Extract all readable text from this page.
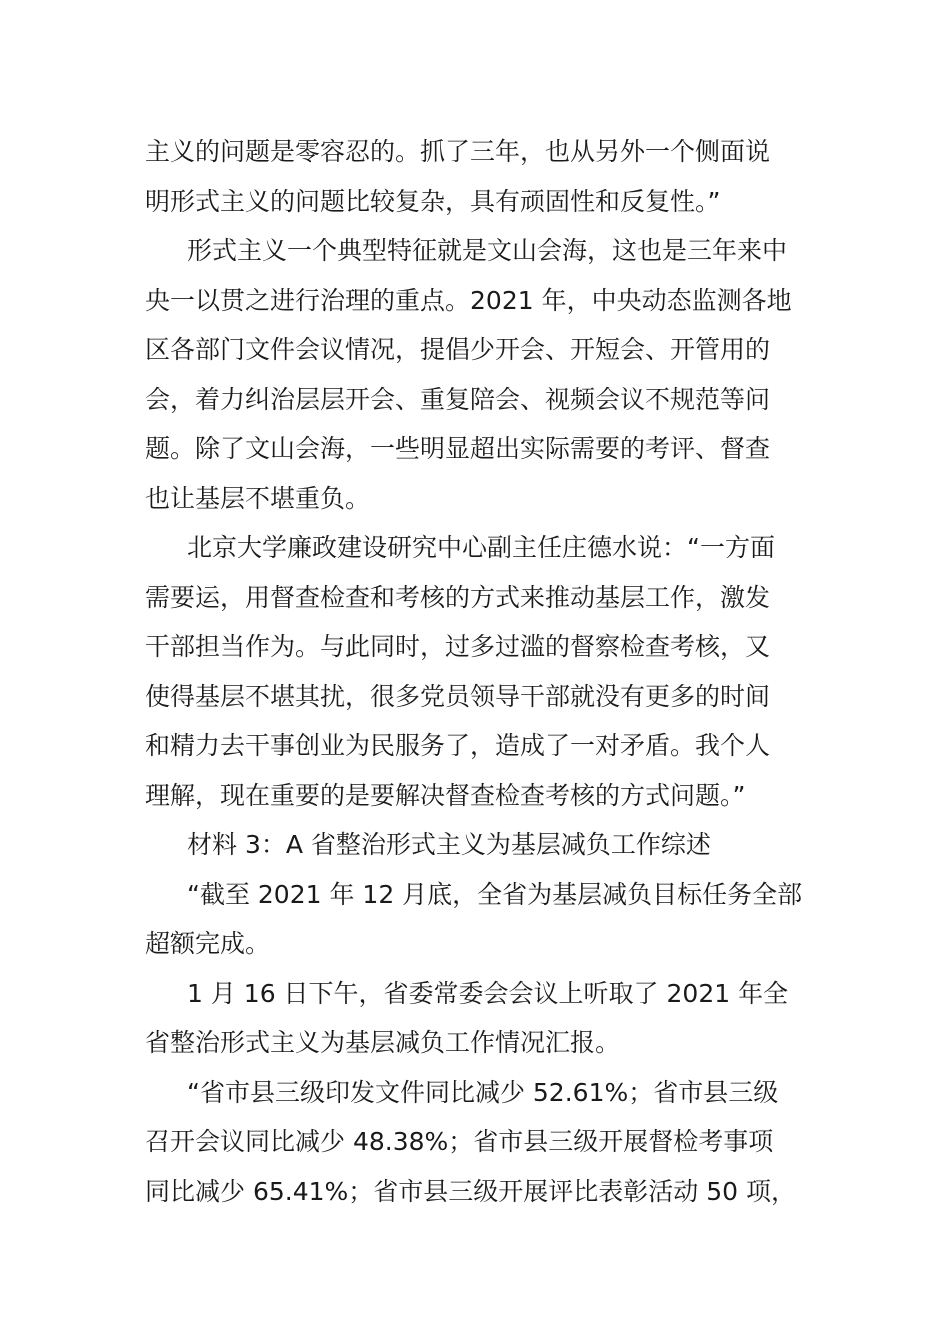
主义的问题是零容忍的。抓了三年，也从另外一个侧面说
明形式主义的问题比较复杂，具有顽固性和反复性。”

形式主义一个典型特征就是文山会海，这也是三年来中
央一以贯之进行治理的重点。2021 年，中央动态监测各地
区各部门文件会议情况，提倡少开会、开短会、开管用的
会，着力纠治层层开会、重复陪会、视频会议不规范等问
题。除了文山会海，一些明显超出实际需要的考评、督查
也让基层不堪重负。

北京大学廉政建设研究中心副主任庄德水说：“一方面
需要运，用督查检查和考核的方式来推动基层工作，激发
干部担当作为。与此同时，过多过滥的督察检查考核，又
使得基层不堪其扰，很多党员领导干部就没有更多的时间
和精力去干事创业为民服务了，造成了一对矛盾。我个人
理解，现在重要的是要解决督查检查考核的方式问题。”

材料 3：A 省整治形式主义为基层减负工作综述

“截至 2021 年 12 月底，全省为基层减负目标任务全部
超额完成。

1 月 16 日下午，省委常委会会议上听取了 2021 年全
省整治形式主义为基层减负工作情况汇报。

“省市县三级印发文件同比减少 52.61%；省市县三级
召开会议同比减少 48.38%；省市县三级开展督检考事项
同比减少 65.41%；省市县三级开展评比表彰活动 50 项，
